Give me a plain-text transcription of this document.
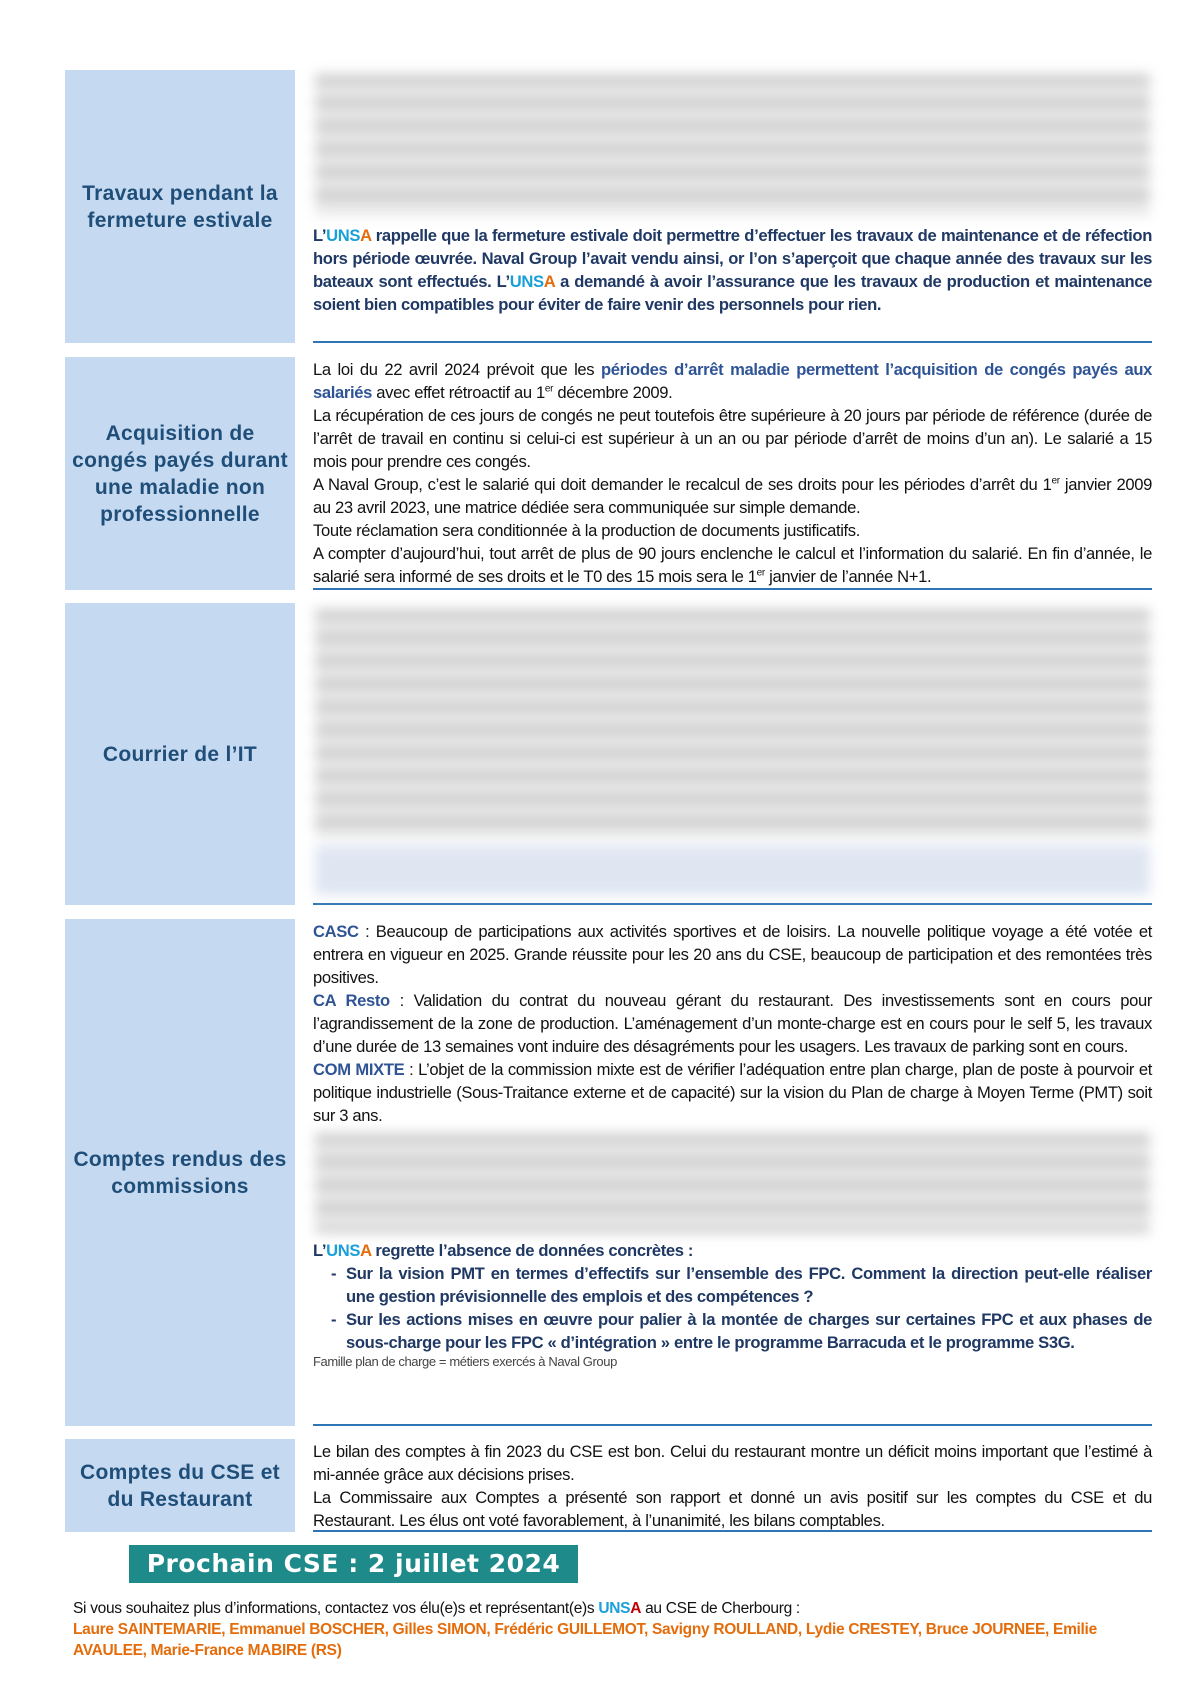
Travaux pendant la fermeture estivale

L’UNSA rappelle que la fermeture estivale doit permettre d’effectuer les travaux de maintenance et de réfection hors période œuvrée. Naval Group l’avait vendu ainsi, or l’on s’aperçoit que chaque année des travaux sur les bateaux sont effectués. L’UNSA a demandé à avoir l’assurance que les travaux de production et maintenance soient bien compatibles pour éviter de faire venir des personnels pour rien.

Acquisition de congés payés durant une maladie non professionnelle

La loi du 22 avril 2024 prévoit que les périodes d’arrêt maladie permettent l’acquisition de congés payés aux salariés avec effet rétroactif au 1er décembre 2009.

La récupération de ces jours de congés ne peut toutefois être supérieure à 20 jours par période de référence (durée de l’arrêt de travail en continu si celui-ci est supérieur à un an ou par période d’arrêt de moins d’un an). Le salarié a 15 mois pour prendre ces congés.

A Naval Group, c’est le salarié qui doit demander le recalcul de ses droits pour les périodes d’arrêt du 1er janvier 2009 au 23 avril 2023, une matrice dédiée sera communiquée sur simple demande.

Toute réclamation sera conditionnée à la production de documents justificatifs.

A compter d’aujourd’hui, tout arrêt de plus de 90 jours enclenche le calcul et l’information du salarié. En fin d’année, le salarié sera informé de ses droits et le T0 des 15 mois sera le 1er janvier de l’année N+1.

Courrier de l’IT
Comptes rendus des commissions

CASC : Beaucoup de participations aux activités sportives et de loisirs. La nouvelle politique voyage a été votée et entrera en vigueur en 2025. Grande réussite pour les 20 ans du CSE, beaucoup de participation et des remontées très positives.

CA Resto : Validation du contrat du nouveau gérant du restaurant. Des investissements sont en cours pour l’agrandissement de la zone de production. L’aménagement d’un monte-charge est en cours pour le self 5, les travaux d’une durée de 13 semaines vont induire des désagréments pour les usagers. Les travaux de parking sont en cours.

COM MIXTE : L’objet de la commission mixte est de vérifier l’adéquation entre plan charge, plan de poste à pourvoir et politique industrielle (Sous-Traitance externe et de capacité) sur la vision du Plan de charge à Moyen Terme (PMT) soit sur 3 ans.

L’UNSA regrette l’absence de données concrètes :

- Sur la vision PMT en termes d’effectifs sur l’ensemble des FPC. Comment la direction peut-elle réaliser une gestion prévisionnelle des emplois et des compétences ?
- Sur les actions mises en œuvre pour palier à la montée de charges sur certaines FPC et aux phases de sous-charge pour les FPC « d’intégration » entre le programme Barracuda et le programme S3G.

Famille plan de charge = métiers exercés à Naval Group

Comptes du CSE et du Restaurant

Le bilan des comptes à fin 2023 du CSE est bon. Celui du restaurant montre un déficit moins important que l’estimé à mi-année grâce aux décisions prises.

La Commissaire aux Comptes a présenté son rapport et donné un avis positif sur les comptes du CSE et du Restaurant. Les élus ont voté favorablement, à l’unanimité, les bilans comptables.

Prochain CSE : 2 juillet 2024

Si vous souhaitez plus d’informations, contactez vos élu(e)s et représentant(e)s UNSA au CSE de Cherbourg :

Laure SAINTEMARIE, Emmanuel BOSCHER, Gilles SIMON, Frédéric GUILLEMOT, Savigny ROULLAND, Lydie CRESTEY, Bruce JOURNEE, Emilie AVAULEE, Marie-France MABIRE (RS)
